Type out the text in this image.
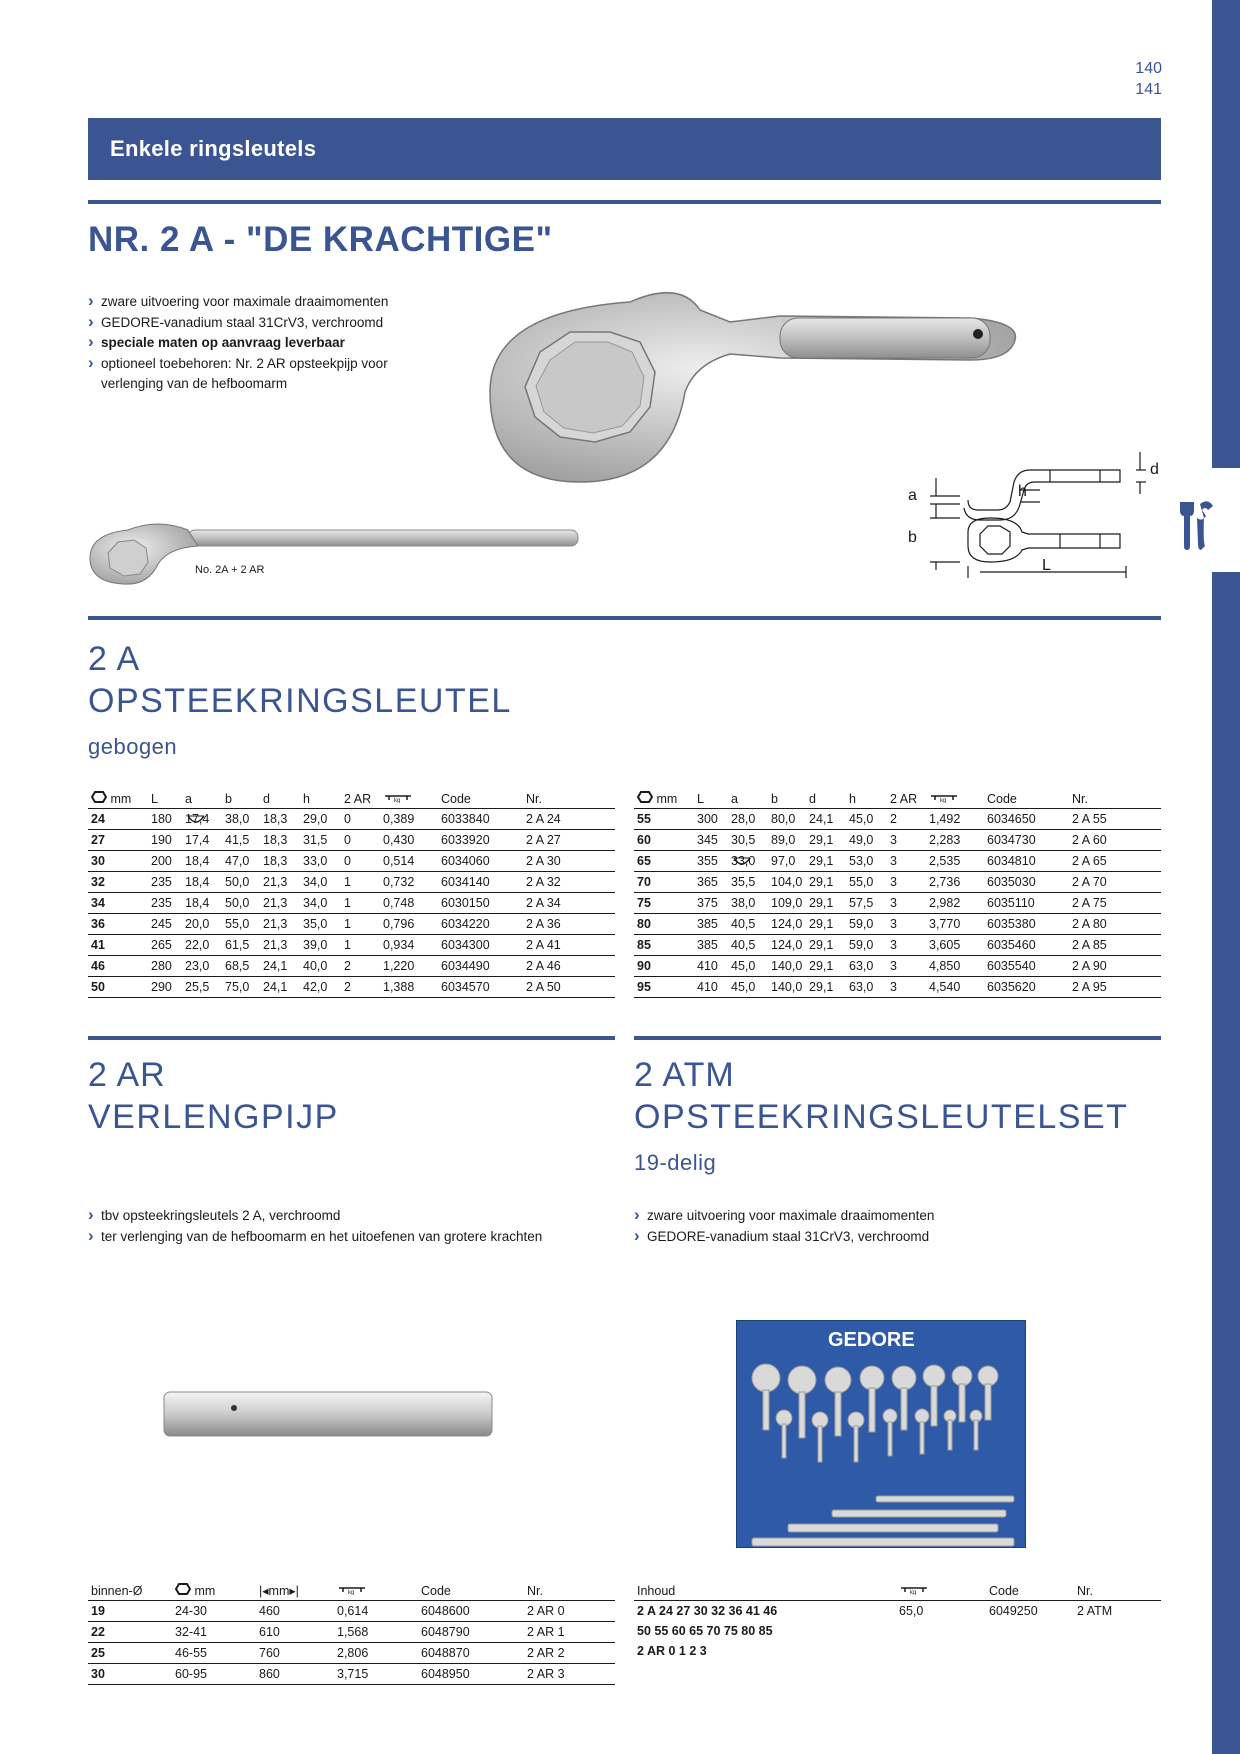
140
141
Enkele ringsleutels
NR. 2 A - "DE KRACHTIGE"
› zware uitvoering voor maximale draaimomenten
› GEDORE-vanadium staal 31CrV3, verchroomd
› speciale maten op aanvraag leverbaar
› optioneel toebehoren: Nr. 2 AR opsteekpijp voor verlenging van de hefboomarm
No. 2A + 2 AR
a	h
d
b
L
2 A
OPSTEEKRINGSLEUTEL
gebogen
mm	L	a	b	d	h	2 AR	kg	Code	Nr.
24	180	17,4	38,0	18,3	29,0	0	0,389	6033840	2 A 24
27	190	17,4	41,5	18,3	31,5	0	0,430	6033920	2 A 27
30	200	18,4	47,0	18,3	33,0	0	0,514	6034060	2 A 30
32	235	18,4	50,0	21,3	34,0	1	0,732	6034140	2 A 32
34	235	18,4	50,0	21,3	34,0	1	0,748	6030150	2 A 34
36	245	20,0	55,0	21,3	35,0	1	0,796	6034220	2 A 36
41	265	22,0	61,5	21,3	39,0	1	0,934	6034300	2 A 41
46	280	23,0	68,5	24,1	40,0	2	1,220	6034490	2 A 46
50	290	25,5	75,0	24,1	42,0	2	1,388	6034570	2 A 50
mm	L	a	b	d	h	2 AR	kg	Code	Nr.
55	300	28,0	80,0	24,1	45,0	2	1,492	6034650	2 A 55
60	345	30,5	89,0	29,1	49,0	3	2,283	6034730	2 A 60
65	355	33,0	97,0	29,1	53,0	3	2,535	6034810	2 A 65
70	365	35,5	104,0	29,1	55,0	3	2,736	6035030	2 A 70
75	375	38,0	109,0	29,1	57,5	3	2,982	6035110	2 A 75
80	385	40,5	124,0	29,1	59,0	3	3,770	6035380	2 A 80
85	385	40,5	124,0	29,1	59,0	3	3,605	6035460	2 A 85
90	410	45,0	140,0	29,1	63,0	3	4,850	6035540	2 A 90
95	410	45,0	140,0	29,1	63,0	3	4,540	6035620	2 A 95
2 AR
VERLENGPIJP
› tbv opsteekringsleutels 2 A, verchroomd
› ter verlenging van de hefboomarm en het uitoefenen van grotere krachten
binnen-Ø	mm	|◂mm▸|	kg	Code	Nr.
19	24-30	460	0,614	6048600	2 AR 0
22	32-41	610	1,568	6048790	2 AR 1
25	46-55	760	2,806	6048870	2 AR 2
30	60-95	860	3,715	6048950	2 AR 3
2 ATM
OPSTEEKRINGSLEUTELSET
19-delig
› zware uitvoering voor maximale draaimomenten
› GEDORE-vanadium staal 31CrV3, verchroomd
GEDORE
Inhoud	kg	Code	Nr.

2 A 24 27 30 32 36 41 46
50 55 60 65 70 75 80 85
2 AR 0 1 2 3	65,0	6049250	2 ATM
